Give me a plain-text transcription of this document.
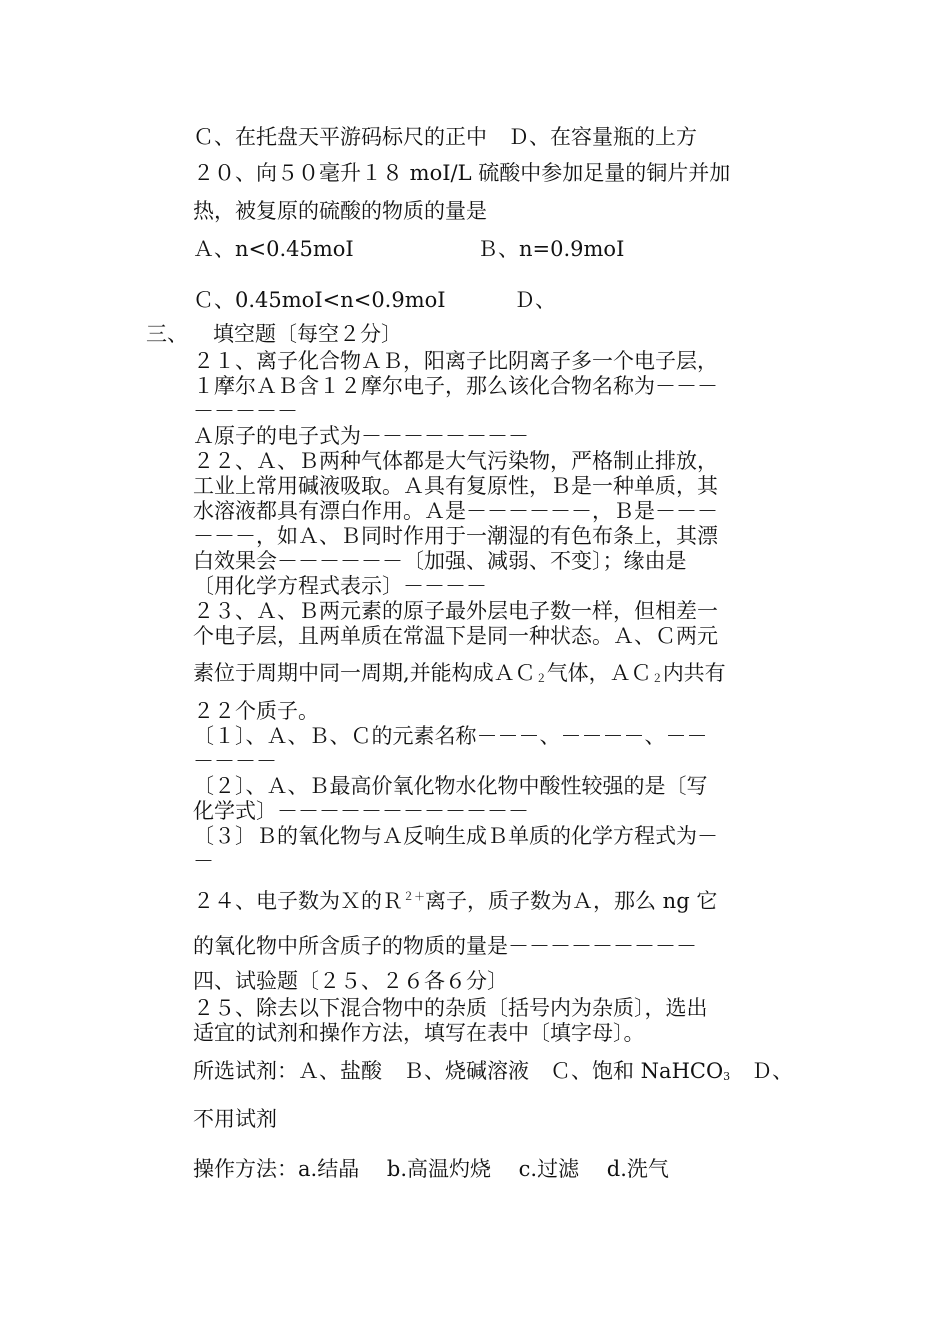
Ｃ、在托盘天平游码标尺的正中　Ｄ、在容量瓶的上方

２０、向５０毫升１８ moI/L 硫酸中参加足量的铜片并加

热，被复原的硫酸的物质的量是

Ａ、n<0.45moI	Ｂ、n=0.9moI

Ｃ、0.45moI<n<0.9moI	Ｄ、

三、 填空题〔每空２分〕

２１、离子化合物ＡＢ，阳离子比阴离子多一个电子层，

１摩尔ＡＢ含１２摩尔电子，那么该化合物名称为－－－

－－－－－

Ａ原子的电子式为－－－－－－－－

２２、Ａ、Ｂ两种气体都是大气污染物，严格制止排放，

工业上常用碱液吸取。Ａ具有复原性，Ｂ是一种单质，其

水溶液都具有漂白作用。Ａ是－－－－－－，Ｂ是－－－

－－－，如Ａ、Ｂ同时作用于一潮湿的有色布条上，其漂

白效果会－－－－－－〔加强、减弱、不变〕；缘由是

〔用化学方程式表示〕－－－－

２３、Ａ、Ｂ两元素的原子最外层电子数一样，但相差一

个电子层，且两单质在常温下是同一种状态。Ａ、Ｃ两元

素位于周期中同一周期,并能构成ＡＣ$_2$气体，ＡＣ$_2$内共有

２２个质子。

〔１〕、Ａ、Ｂ、Ｃ的元素名称－－－、－－－－、－－

－－－－

〔２〕、Ａ、Ｂ最高价氧化物水化物中酸性较强的是〔写

化学式〕－－－－－－－－－－－－

〔３〕Ｂ的氧化物与Ａ反响生成Ｂ单质的化学方程式为－

－

２４、电子数为Ｘ的Ｒ$^{2+}$离子，质子数为Ａ，那么 ng 它

的氧化物中所含质子的物质的量是－－－－－－－－－

四、试验题〔２５、２６各６分〕

２５、除去以下混合物中的杂质〔括号内为杂质〕，选出

适宜的试剂和操作方法，填写在表中〔填字母〕。

所选试剂：Ａ、盐酸　Ｂ、烧碱溶液　Ｃ、饱和 NaHCO$_3$　Ｄ、

不用试剂

操作方法：a.结晶　 b.高温灼烧　 c.过滤　 d.洗气
